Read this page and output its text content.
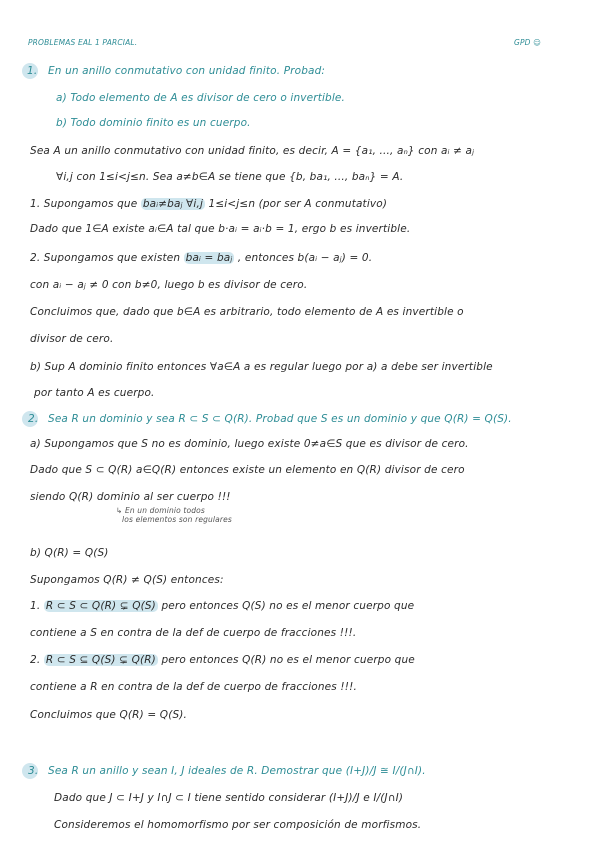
PROBLEMAS EAL 1 PARCIAL.	GPD ☺
1. En un anillo conmutativo con unidad finito. Probad:
a) Todo elemento de A es divisor de cero o invertible.
b) Todo dominio finito es un cuerpo.
Sea A un anillo conmutativo con unidad finito, es decir, A = {a₁, ..., aₙ} con aᵢ ≠ aⱼ
∀i,j con 1≤i<j≤n. Sea a≠b∈A se tiene que {b, ba₁, ..., baₙ} = A.
1. Supongamos que baᵢ≠baⱼ ∀i,j 1≤i<j≤n (por ser A conmutativo)
Dado que 1∈A existe aᵢ∈A tal que b·aᵢ = aᵢ·b = 1, ergo b es invertible.
2. Supongamos que existen baᵢ = baⱼ , entonces b(aᵢ − aⱼ) = 0.
con aᵢ − aⱼ ≠ 0 con b≠0, luego b es divisor de cero.
Concluimos que, dado que b∈A es arbitrario, todo elemento de A es invertible o
divisor de cero.
b) Sup A dominio finito entonces ∀a∈A a es regular luego por a) a debe ser invertible
por tanto A es cuerpo.
2. Sea R un dominio y sea R ⊂ S ⊂ Q(R). Probad que S es un dominio y que Q(R) = Q(S).
a) Supongamos que S no es dominio, luego existe 0≠a∈S que es divisor de cero.
Dado que S ⊂ Q(R) a∈Q(R) entonces existe un elemento en Q(R) divisor de cero
siendo Q(R) dominio al ser cuerpo !!!
↳ En un dominio todos
los elementos son regulares
b) Q(R) = Q(S)
Supongamos Q(R) ≠ Q(S) entonces:
1. R ⊂ S ⊂ Q(R) ⊊ Q(S) pero entonces Q(S) no es el menor cuerpo que
contiene a S en contra de la def de cuerpo de fracciones !!!.
2. R ⊂ S ⊆ Q(S) ⊊ Q(R) pero entonces Q(R) no es el menor cuerpo que
contiene a R en contra de la def de cuerpo de fracciones !!!.
Concluimos que Q(R) = Q(S).
3. Sea R un anillo y sean I, J ideales de R. Demostrar que (I+J)/J ≅ I/(J∩I).
Dado que J ⊂ I+J y I∩J ⊂ I tiene sentido considerar (I+J)/J e I/(J∩I)
Consideremos el homomorfismo por ser composición de morfismos.
